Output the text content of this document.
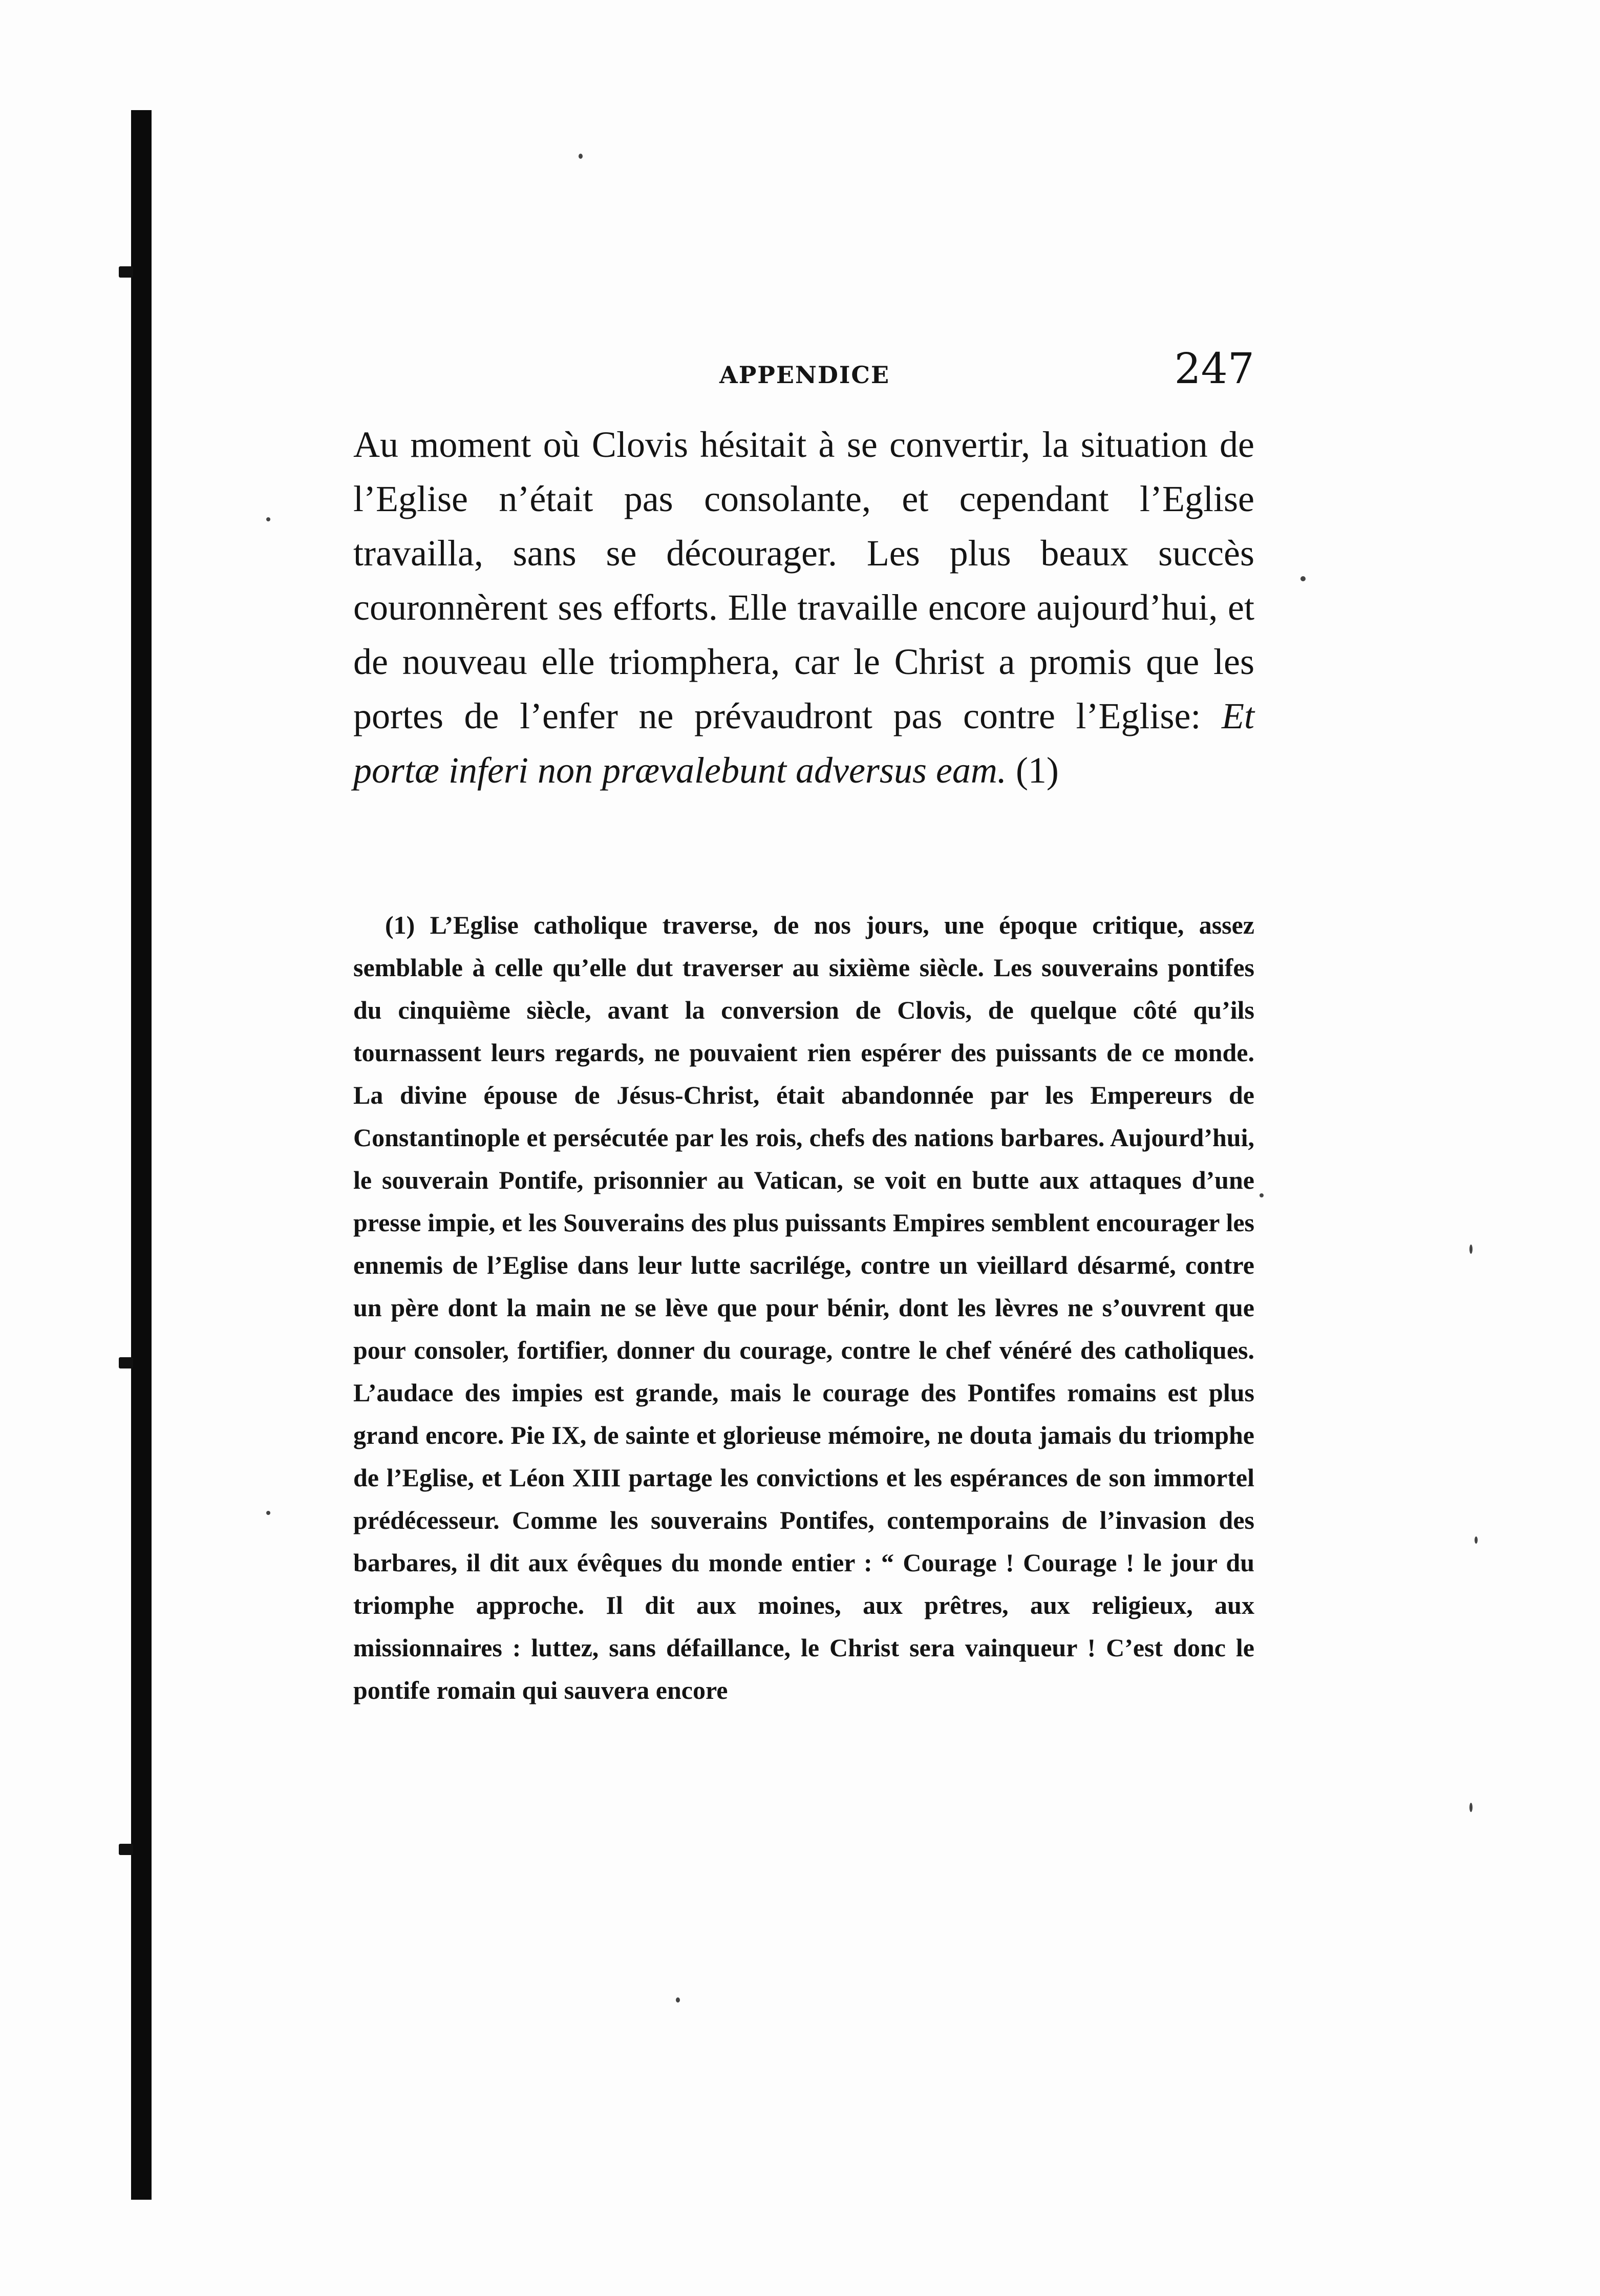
APPENDICE	247

Au moment où Clovis hésitait à se convertir, la situation de l’Eglise n’était pas consolante, et cependant l’Eglise travailla, sans se décourager. Les plus beaux succès couronnèrent ses efforts. Elle travaille encore aujourd’hui, et de nouveau elle triomphera, car le Christ a promis que les portes de l’enfer ne prévaudront pas contre l’Eglise: Et portæ inferi non prævalebunt adversus eam. (1)

(1) L’Eglise catholique traverse, de nos jours, une époque critique, assez semblable à celle qu’elle dut traverser au sixième siècle. Les souverains pontifes du cinquième siècle, avant la conversion de Clovis, de quelque côté qu’ils tournassent leurs regards, ne pouvaient rien espérer des puissants de ce monde. La divine épouse de Jésus-Christ, était abandonnée par les Empereurs de Constantinople et persécutée par les rois, chefs des nations barbares. Aujourd’hui, le souverain Pontife, prisonnier au Vatican, se voit en butte aux attaques d’une presse impie, et les Souverains des plus puissants Empires semblent encourager les ennemis de l’Eglise dans leur lutte sacrilége, contre un vieillard désarmé, contre un père dont la main ne se lève que pour bénir, dont les lèvres ne s’ouvrent que pour consoler, fortifier, donner du courage, contre le chef vénéré des catholiques. L’audace des impies est grande, mais le courage des Pontifes romains est plus grand encore. Pie IX, de sainte et glorieuse mémoire, ne douta jamais du triomphe de l’Eglise, et Léon XIII partage les convictions et les espérances de son immortel prédécesseur. Comme les souverains Pontifes, contemporains de l’invasion des barbares, il dit aux évêques du monde entier : “ Courage ! Courage ! le jour du triomphe approche. Il dit aux moines, aux prêtres, aux religieux, aux missionnaires : luttez, sans défaillance, le Christ sera vainqueur ! C’est donc le pontife romain qui sauvera encore
